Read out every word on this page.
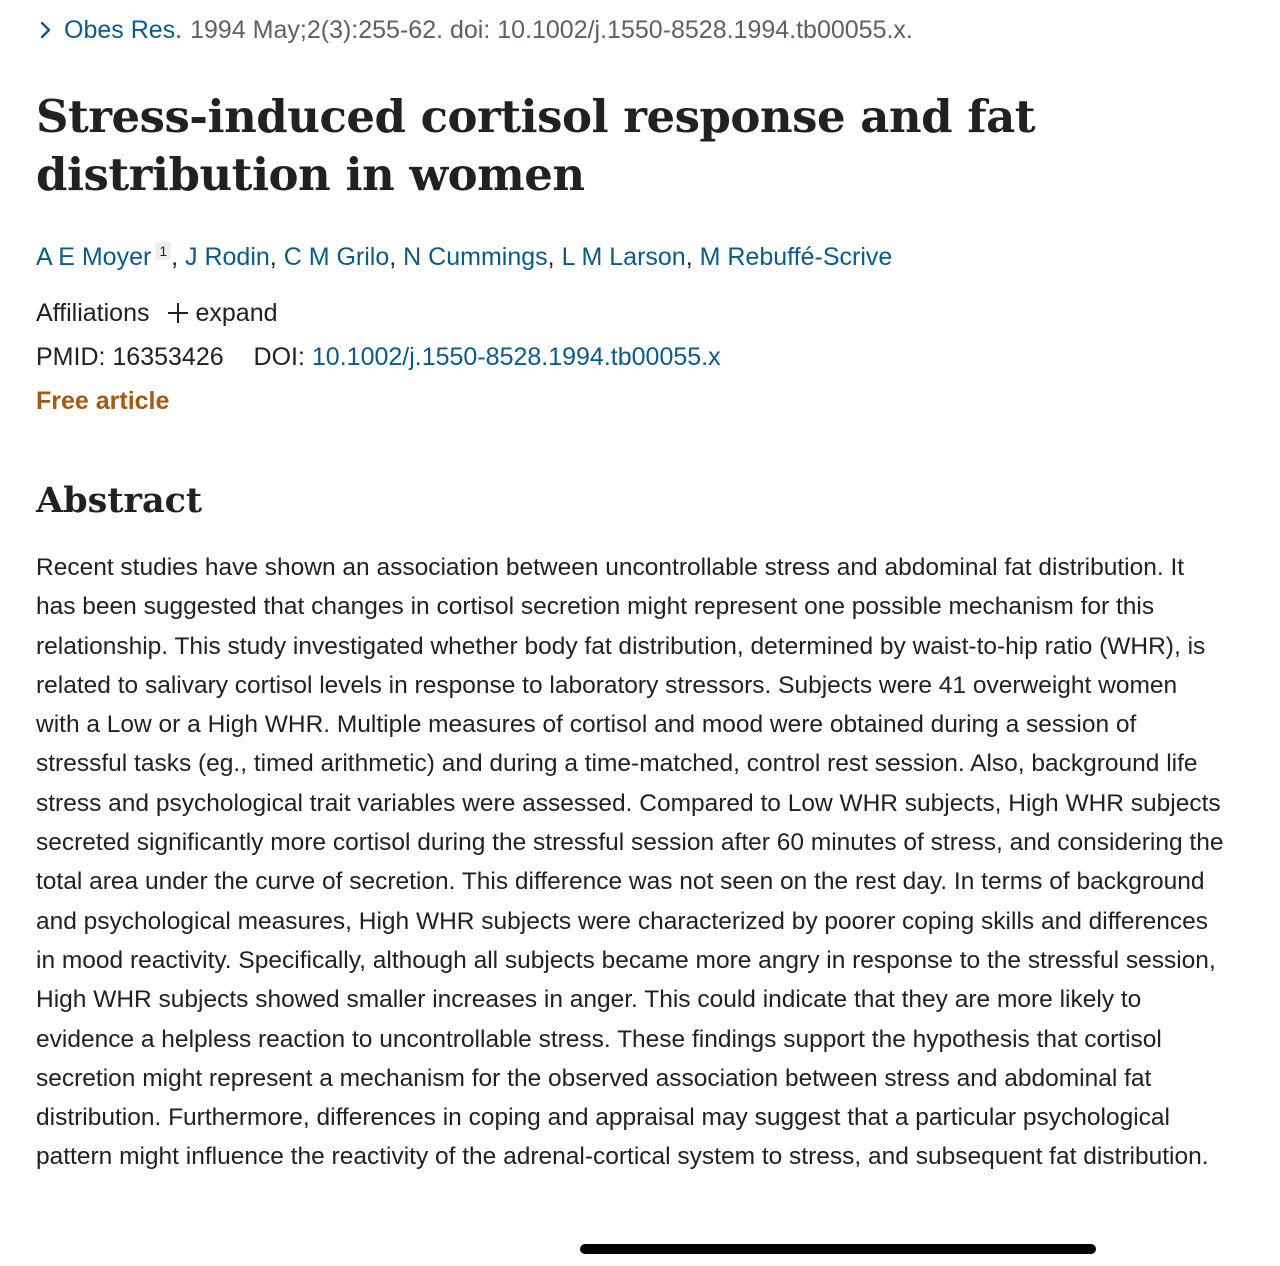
Obes Res. 1994 May;2(3):255-62. doi: 10.1002/j.1550-8528.1994.tb00055.x.
Stress-induced cortisol response and fat distribution in women
A E Moyer 1 , J Rodin, C M Grilo, N Cummings, L M Larson, M Rebuffé-Scrive
Affiliations expand
PMID: 16353426 DOI: 10.1002/j.1550-8528.1994.tb00055.x
Free article
Abstract
Recent studies have shown an association between uncontrollable stress and abdominal fat distribution. It has been suggested that changes in cortisol secretion might represent one possible mechanism for this relationship. This study investigated whether body fat distribution, determined by waist-to-hip ratio (WHR), is related to salivary cortisol levels in response to laboratory stressors. Subjects were 41 overweight women with a Low or a High WHR. Multiple measures of cortisol and mood were obtained during a session of stressful tasks (eg., timed arithmetic) and during a time-matched, control rest session. Also, background life stress and psychological trait variables were assessed. Compared to Low WHR subjects, High WHR subjects secreted significantly more cortisol during the stressful session after 60 minutes of stress, and considering the total area under the curve of secretion. This difference was not seen on the rest day. In terms of background and psychological measures, High WHR subjects were characterized by poorer coping skills and differences in mood reactivity. Specifically, although all subjects became more angry in response to the stressful session, High WHR subjects showed smaller increases in anger. This could indicate that they are more likely to evidence a helpless reaction to uncontrollable stress. These findings support the hypothesis that cortisol secretion might represent a mechanism for the observed association between stress and abdominal fat distribution. Furthermore, differences in coping and appraisal may suggest that a particular psychological pattern might influence the reactivity of the adrenal-cortical system to stress, and subsequent fat distribution.
